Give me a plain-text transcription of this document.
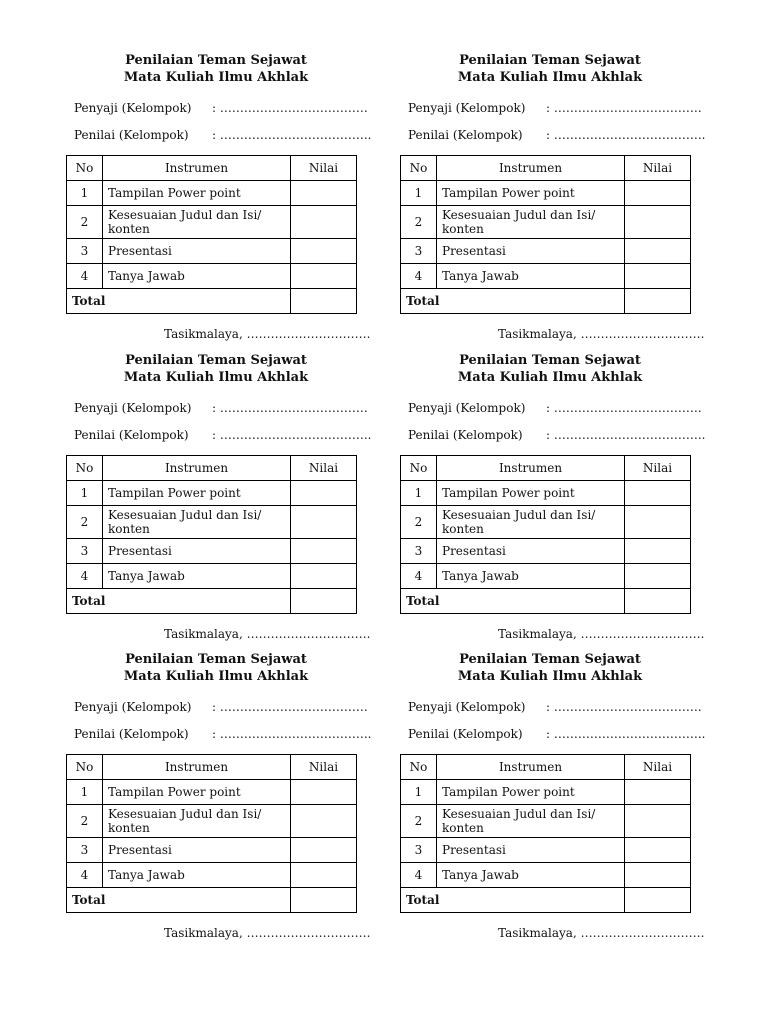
Penilaian Teman Sejawat
Mata Kuliah Ilmu Akhlak
Penyaji (Kelompok) : ……………………………….
Penilai (Kelompok) : ………………………………..
No	Instrumen	Nilai
1	Tampilan Power point	
2	Kesesuaian Judul dan Isi/ konten	
3	Presentasi	
4	Tanya Jawab	
Total		
Tasikmalaya, ………………………….
Penilaian Teman Sejawat
Mata Kuliah Ilmu Akhlak
Penyaji (Kelompok) : ……………………………….
Penilai (Kelompok) : ………………………………..
No	Instrumen	Nilai
1	Tampilan Power point	
2	Kesesuaian Judul dan Isi/ konten	
3	Presentasi	
4	Tanya Jawab	
Total		
Tasikmalaya, ………………………….
Penilaian Teman Sejawat
Mata Kuliah Ilmu Akhlak
Penyaji (Kelompok) : ……………………………….
Penilai (Kelompok) : ………………………………..
No	Instrumen	Nilai
1	Tampilan Power point	
2	Kesesuaian Judul dan Isi/ konten	
3	Presentasi	
4	Tanya Jawab	
Total		
Tasikmalaya, ………………………….
Penilaian Teman Sejawat
Mata Kuliah Ilmu Akhlak
Penyaji (Kelompok) : ……………………………….
Penilai (Kelompok) : ………………………………..
No	Instrumen	Nilai
1	Tampilan Power point	
2	Kesesuaian Judul dan Isi/ konten	
3	Presentasi	
4	Tanya Jawab	
Total		
Tasikmalaya, ………………………….
Penilaian Teman Sejawat
Mata Kuliah Ilmu Akhlak
Penyaji (Kelompok) : ……………………………….
Penilai (Kelompok) : ………………………………..
No	Instrumen	Nilai
1	Tampilan Power point	
2	Kesesuaian Judul dan Isi/ konten	
3	Presentasi	
4	Tanya Jawab	
Total		
Tasikmalaya, ………………………….
Penilaian Teman Sejawat
Mata Kuliah Ilmu Akhlak
Penyaji (Kelompok) : ……………………………….
Penilai (Kelompok) : ………………………………..
No	Instrumen	Nilai
1	Tampilan Power point	
2	Kesesuaian Judul dan Isi/ konten	
3	Presentasi	
4	Tanya Jawab	
Total		
Tasikmalaya, ………………………….
